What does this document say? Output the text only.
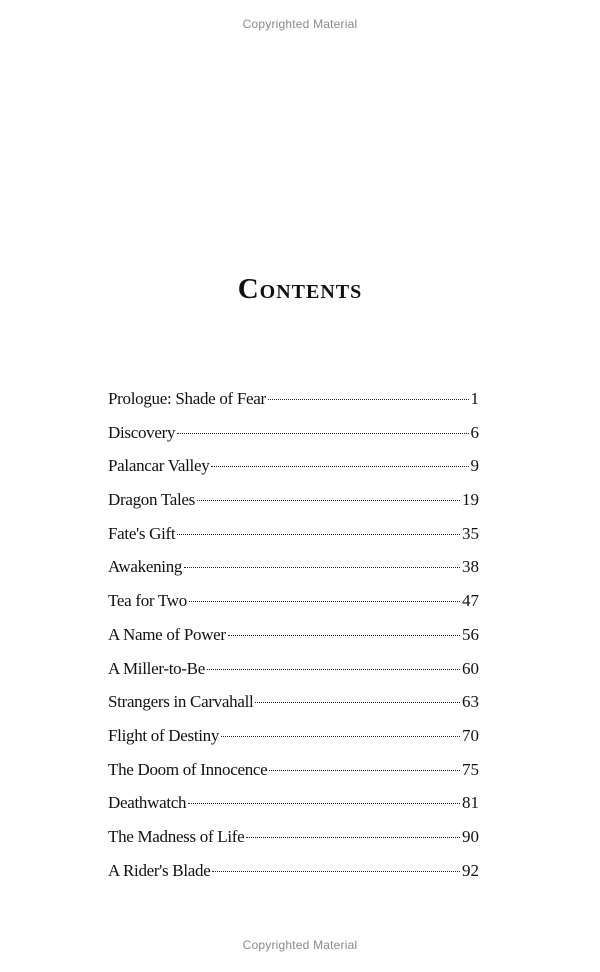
Copyrighted Material
Contents
Prologue: Shade of Fear	1
Discovery	6
Palancar Valley	9
Dragon Tales	19
Fate's Gift	35
Awakening	38
Tea for Two	47
A Name of Power	56
A Miller-to-Be	60
Strangers in Carvahall	63
Flight of Destiny	70
The Doom of Innocence	75
Deathwatch	81
The Madness of Life	90
A Rider's Blade	92
Copyrighted Material
